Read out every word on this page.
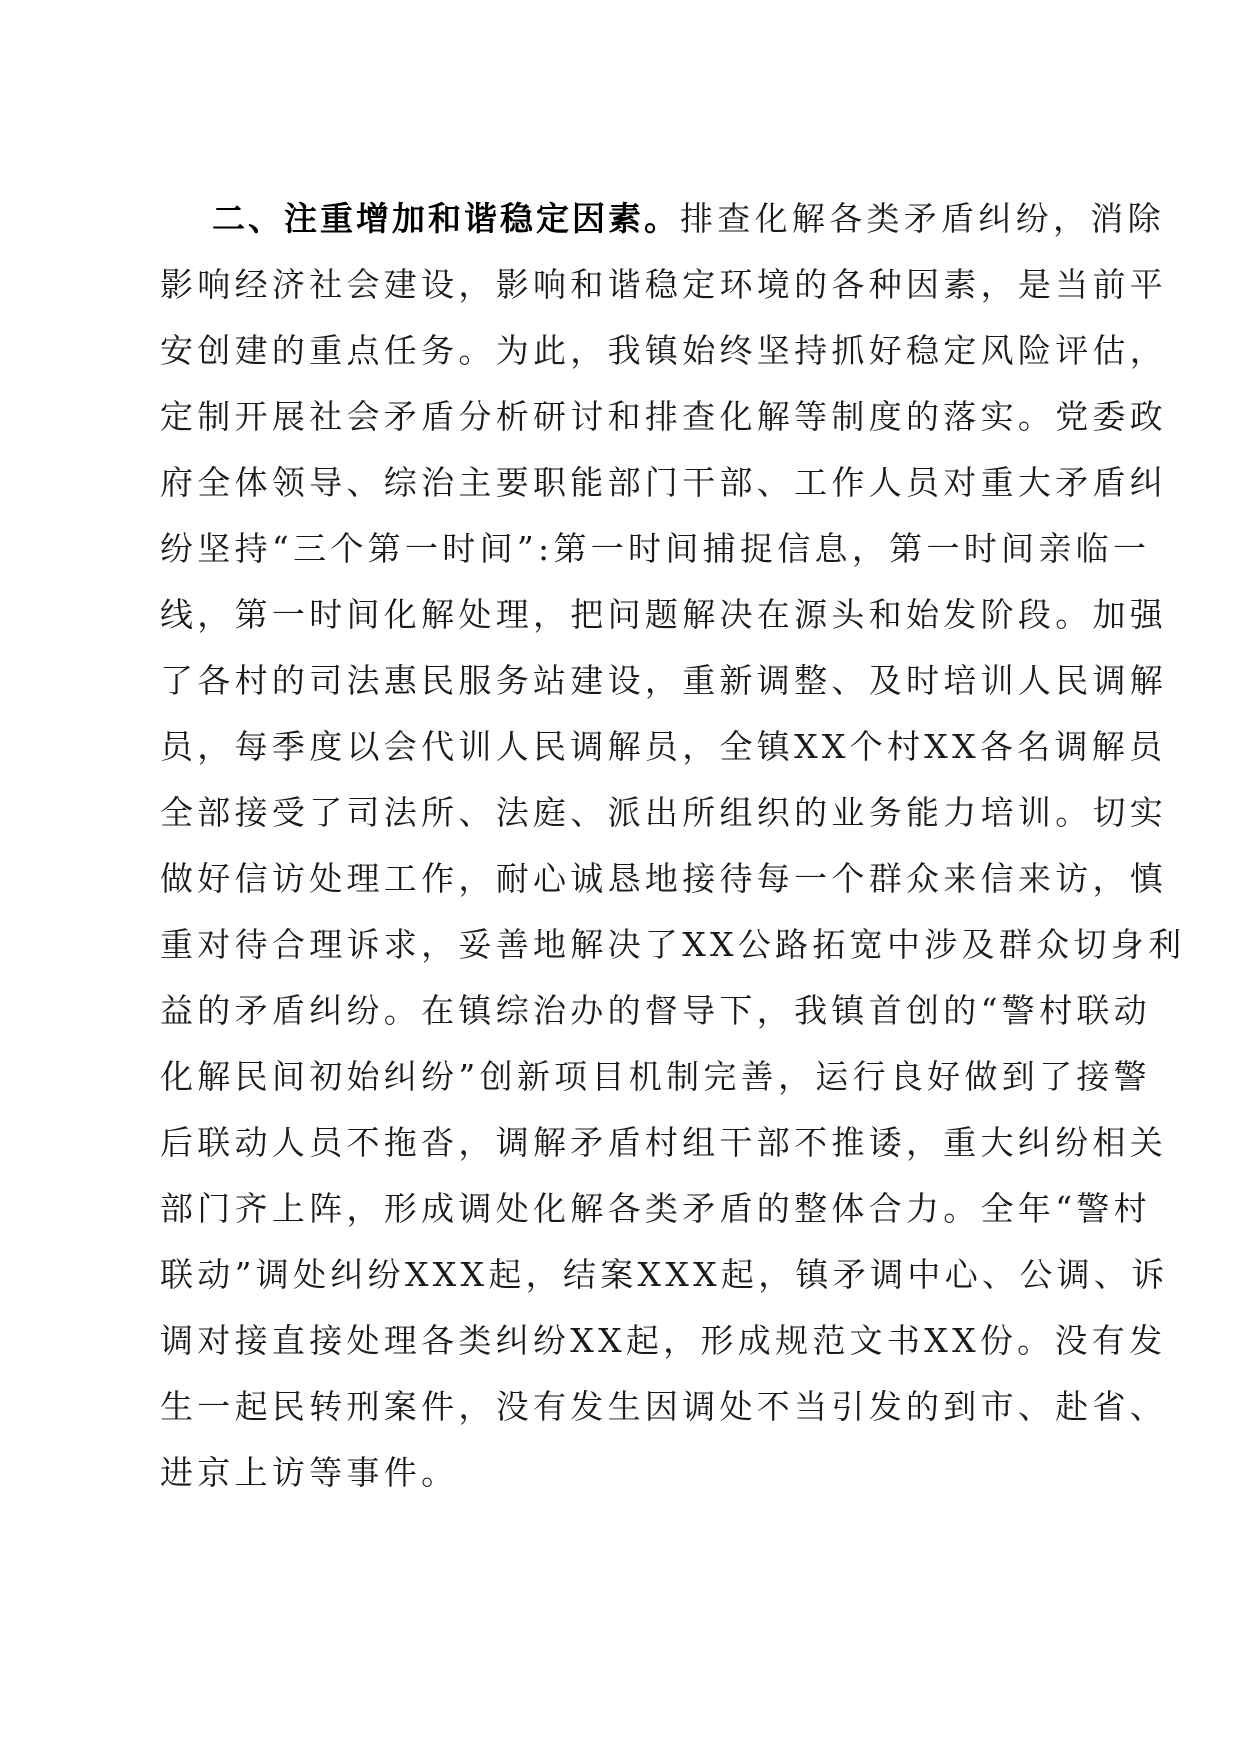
二、注重增加和谐稳定因素。排查化解各类矛盾纠纷，消除

影响经济社会建设，影响和谐稳定环境的各种因素，是当前平

安创建的重点任务。为此，我镇始终坚持抓好稳定风险评估，

定制开展社会矛盾分析研讨和排查化解等制度的落实。党委政

府全体领导、综治主要职能部门干部、工作人员对重大矛盾纠

纷坚持“三个第一时间”:第一时间捕捉信息，第一时间亲临一

线，第一时间化解处理，把问题解决在源头和始发阶段。加强

了各村的司法惠民服务站建设，重新调整、及时培训人民调解

员，每季度以会代训人民调解员，全镇XX个村XX各名调解员

全部接受了司法所、法庭、派出所组织的业务能力培训。切实

做好信访处理工作，耐心诚恳地接待每一个群众来信来访，慎

重对待合理诉求，妥善地解决了XX公路拓宽中涉及群众切身利

益的矛盾纠纷。在镇综治办的督导下，我镇首创的“警村联动

化解民间初始纠纷”创新项目机制完善，运行良好做到了接警

后联动人员不拖沓，调解矛盾村组干部不推诿，重大纠纷相关

部门齐上阵，形成调处化解各类矛盾的整体合力。全年“警村

联动”调处纠纷XXX起，结案XXX起，镇矛调中心、公调、诉

调对接直接处理各类纠纷XX起，形成规范文书XX份。没有发

生一起民转刑案件，没有发生因调处不当引发的到市、赴省、

进京上访等事件。
